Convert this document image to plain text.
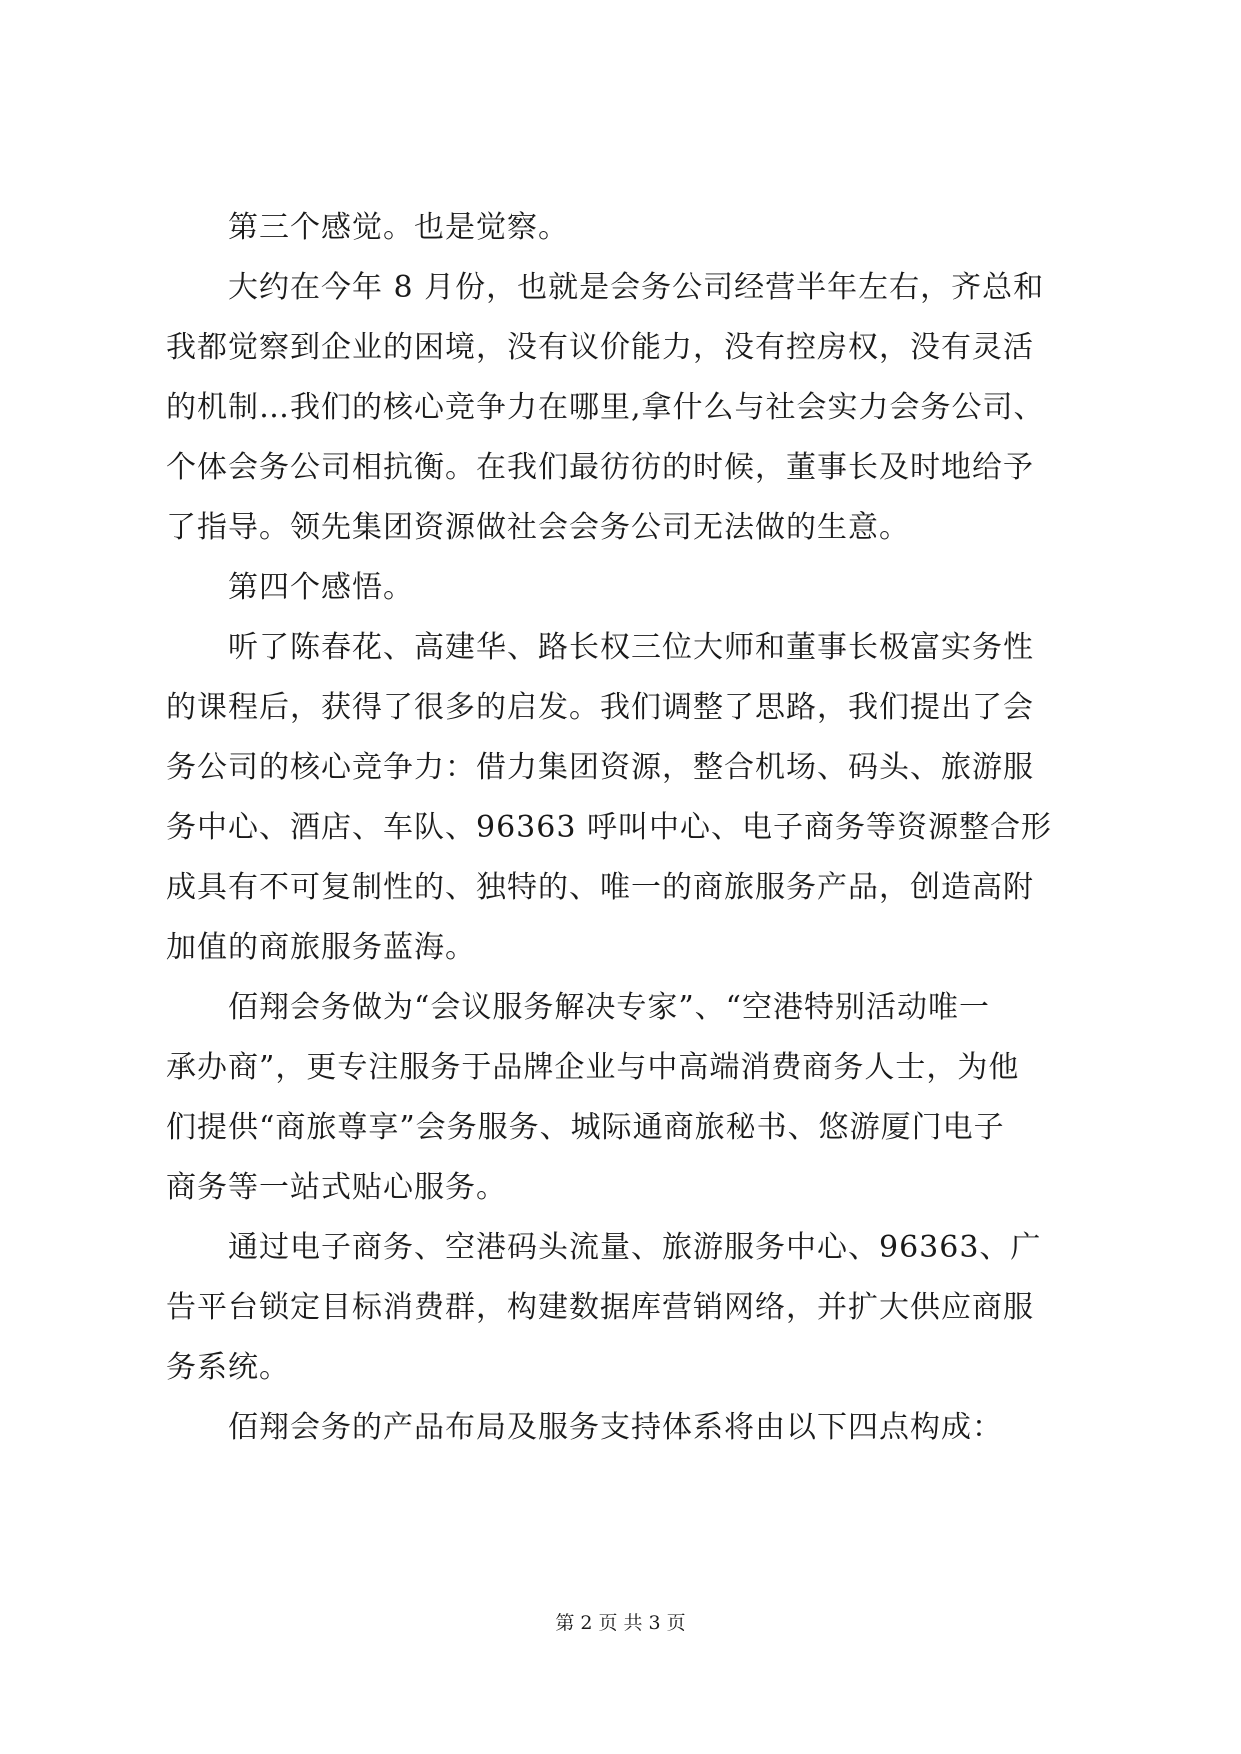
第三个感觉。也是觉察。
大约在今年 8 月份，也就是会务公司经营半年左右，齐总和
我都觉察到企业的困境，没有议价能力，没有控房权，没有灵活
的机制…我们的核心竞争力在哪里,拿什么与社会实力会务公司、
个体会务公司相抗衡。在我们最彷彷的时候，董事长及时地给予
了指导。领先集团资源做社会会务公司无法做的生意。
第四个感悟。
听了陈春花、高建华、路长权三位大师和董事长极富实务性
的课程后，获得了很多的启发。我们调整了思路，我们提出了会
务公司的核心竞争力：借力集团资源，整合机场、码头、旅游服
务中心、酒店、车队、96363 呼叫中心、电子商务等资源整合形
成具有不可复制性的、独特的、唯一的商旅服务产品，创造高附
加值的商旅服务蓝海。
佰翔会务做为“会议服务解决专家”、“空港特别活动唯一
承办商”，更专注服务于品牌企业与中高端消费商务人士，为他
们提供“商旅尊享”会务服务、城际通商旅秘书、悠游厦门电子
商务等一站式贴心服务。
通过电子商务、空港码头流量、旅游服务中心、96363、广
告平台锁定目标消费群，构建数据库营销网络，并扩大供应商服
务系统。
佰翔会务的产品布局及服务支持体系将由以下四点构成：
第 2 页 共 3 页
